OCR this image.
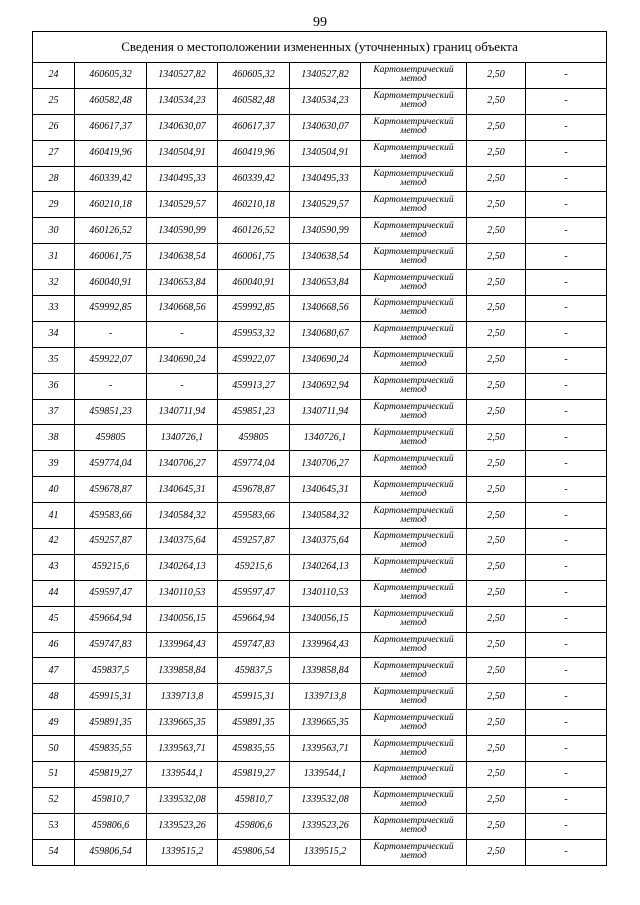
99
Сведения о местоположении измененных (уточненных) границ объекта							
24	460605,32	1340527,82	460605,32	1340527,82	Картометрический
метод	2,50	-
25	460582,48	1340534,23	460582,48	1340534,23	Картометрический
метод	2,50	-
26	460617,37	1340630,07	460617,37	1340630,07	Картометрический
метод	2,50	-
27	460419,96	1340504,91	460419,96	1340504,91	Картометрический
метод	2,50	-
28	460339,42	1340495,33	460339,42	1340495,33	Картометрический
метод	2,50	-
29	460210,18	1340529,57	460210,18	1340529,57	Картометрический
метод	2,50	-
30	460126,52	1340590,99	460126,52	1340590,99	Картометрический
метод	2,50	-
31	460061,75	1340638,54	460061,75	1340638,54	Картометрический
метод	2,50	-
32	460040,91	1340653,84	460040,91	1340653,84	Картометрический
метод	2,50	-
33	459992,85	1340668,56	459992,85	1340668,56	Картометрический
метод	2,50	-
34	-	-	459953,32	1340680,67	Картометрический
метод	2,50	-
35	459922,07	1340690,24	459922,07	1340690,24	Картометрический
метод	2,50	-
36	-	-	459913,27	1340692,94	Картометрический
метод	2,50	-
37	459851,23	1340711,94	459851,23	1340711,94	Картометрический
метод	2,50	-
38	459805	1340726,1	459805	1340726,1	Картометрический
метод	2,50	-
39	459774,04	1340706,27	459774,04	1340706,27	Картометрический
метод	2,50	-
40	459678,87	1340645,31	459678,87	1340645,31	Картометрический
метод	2,50	-
41	459583,66	1340584,32	459583,66	1340584,32	Картометрический
метод	2,50	-
42	459257,87	1340375,64	459257,87	1340375,64	Картометрический
метод	2,50	-
43	459215,6	1340264,13	459215,6	1340264,13	Картометрический
метод	2,50	-
44	459597,47	1340110,53	459597,47	1340110,53	Картометрический
метод	2,50	-
45	459664,94	1340056,15	459664,94	1340056,15	Картометрический
метод	2,50	-
46	459747,83	1339964,43	459747,83	1339964,43	Картометрический
метод	2,50	-
47	459837,5	1339858,84	459837,5	1339858,84	Картометрический
метод	2,50	-
48	459915,31	1339713,8	459915,31	1339713,8	Картометрический
метод	2,50	-
49	459891,35	1339665,35	459891,35	1339665,35	Картометрический
метод	2,50	-
50	459835,55	1339563,71	459835,55	1339563,71	Картометрический
метод	2,50	-
51	459819,27	1339544,1	459819,27	1339544,1	Картометрический
метод	2,50	-
52	459810,7	1339532,08	459810,7	1339532,08	Картометрический
метод	2,50	-
53	459806,6	1339523,26	459806,6	1339523,26	Картометрический
метод	2,50	-
54	459806,54	1339515,2	459806,54	1339515,2	Картометрический
метод	2,50	-
